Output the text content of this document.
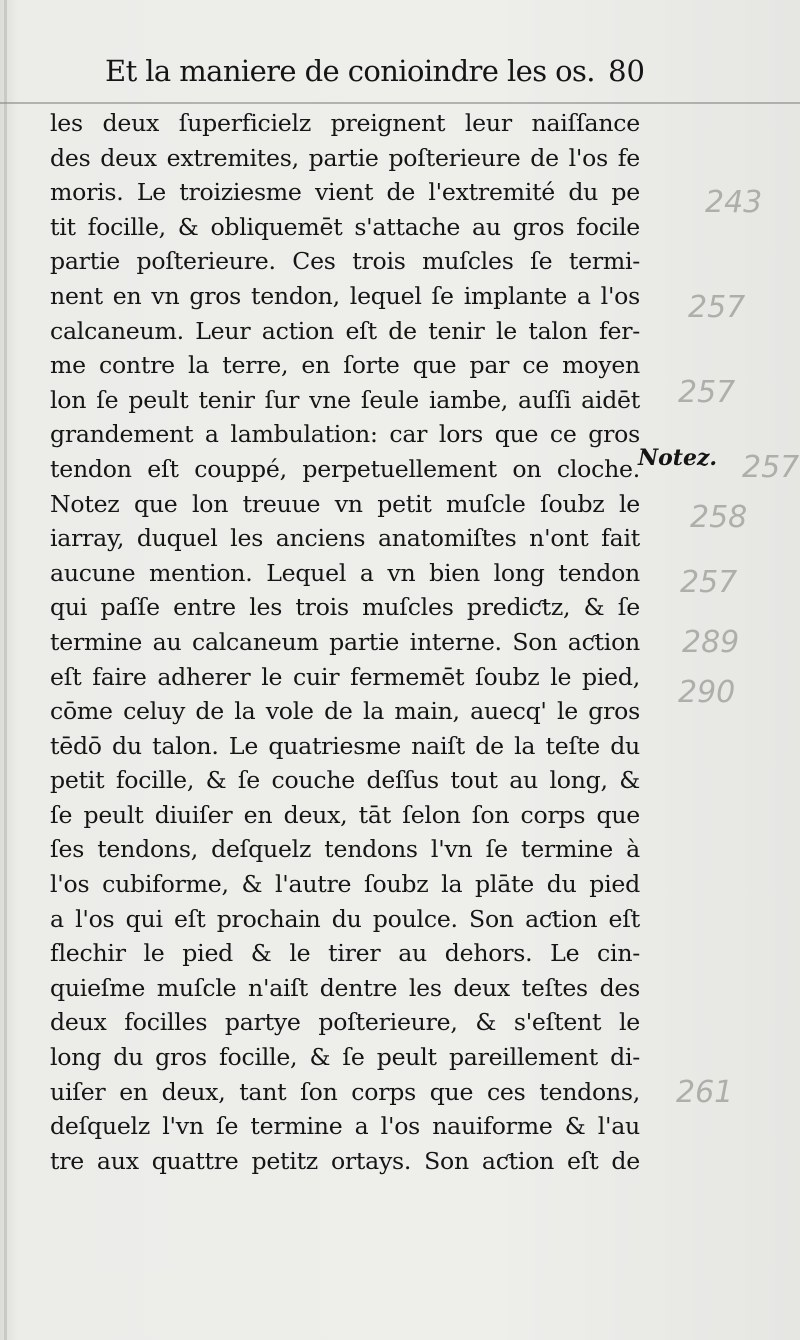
Et la maniere de conioindre les os. 80
les deux ſuperficielz preignent leur naiſſance
des deux extremites, partie poſterieure de l'os fe
moris. Le troiziesme vient de l'extremité du pe
tit focille, & obliquemēt s'attache au gros focile
partie poſterieure. Ces trois muſcles ſe termi-
nent en vn gros tendon, lequel ſe implante a l'os
calcaneum. Leur action eſt de tenir le talon fer-
me contre la terre, en ſorte que par ce moyen
lon ſe peult tenir ſur vne ſeule iambe, auſſi aidēt
grandement a lambulation: car lors que ce gros
tendon eſt couppé, perpetuellement on cloche.
Notez que lon treuue vn petit muſcle ſoubz le
iarray, duquel les anciens anatomiſtes n'ont fait
aucune mention. Lequel a vn bien long tendon
qui paſſe entre les trois muſcles prediƈtz, & ſe
termine au calcaneum partie interne. Son aƈtion
eſt faire adherer le cuir fermemēt ſoubz le pied,
cōme celuy de la vole de la main, auecq' le gros
tēdō du talon. Le quatriesme naiſt de la teſte du
petit focille, & ſe couche deſſus tout au long, &
ſe peult diuiſer en deux, tāt ſelon ſon corps que
ſes tendons, deſquelz tendons l'vn ſe termine à
l'os cubiforme, & l'autre ſoubz la plāte du pied
a l'os qui eſt prochain du poulce. Son aƈtion eſt
flechir le pied & le tirer au dehors. Le cin-
quieſme muſcle n'aiſt dentre les deux teſtes des
deux focilles partye poſterieure, & s'eſtent le
long du gros focille, & ſe peult pareillement di-
uiſer en deux, tant ſon corps que ces tendons,
deſquelz l'vn ſe termine a l'os nauiforme & l'au
tre aux quattre petitz ortays. Son aƈtion eſt de
Notez.
243
257
257
257
258
257
289
290
261
